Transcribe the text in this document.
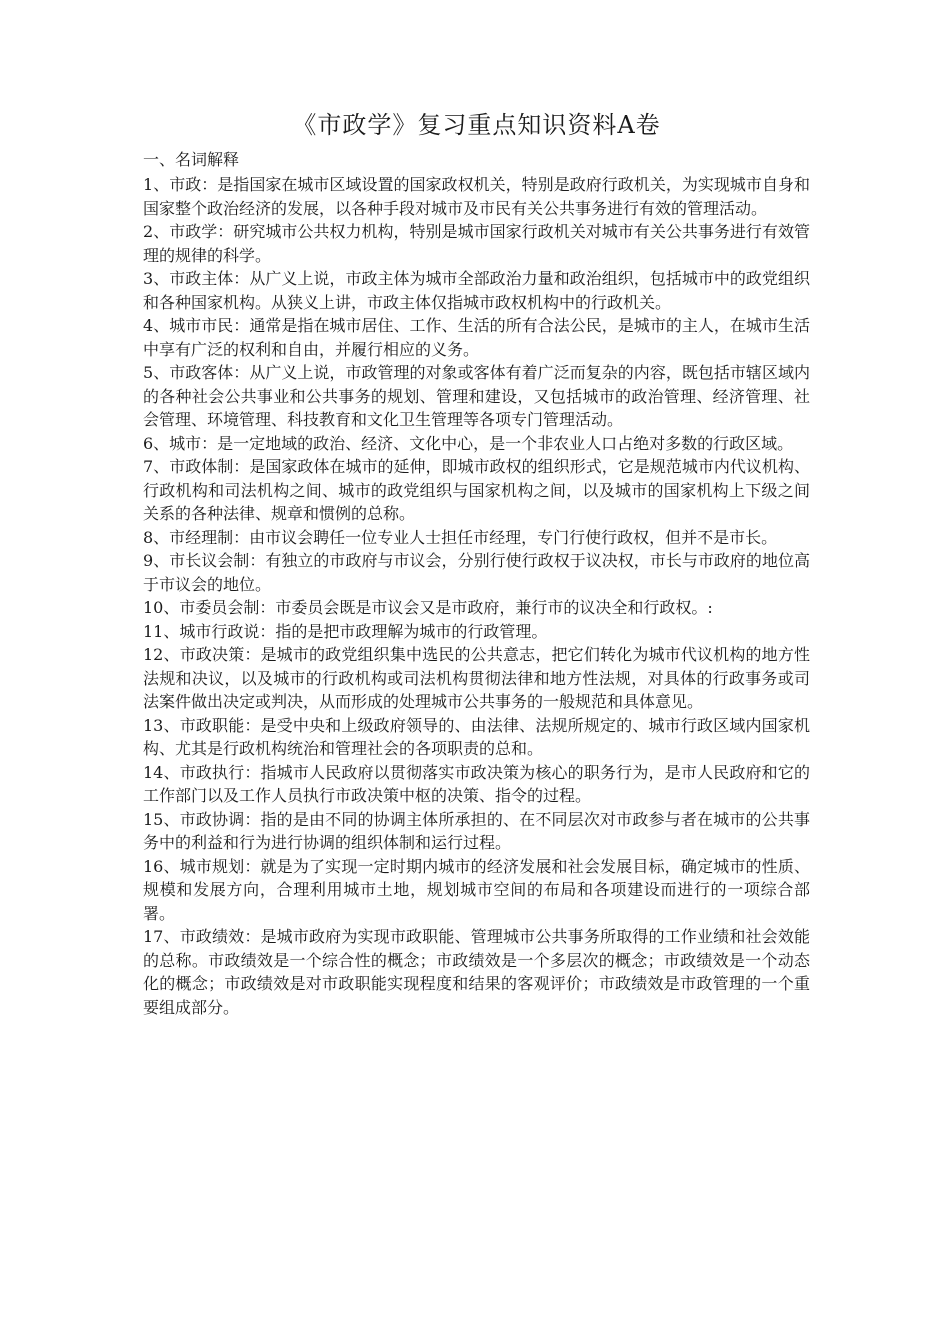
《市政学》复习重点知识资料A卷

一、名词解释

1、市政：是指国家在城市区域设置的国家政权机关，特别是政府行政机关，为实现城市自身和国家整个政治经济的发展，以各种手段对城市及市民有关公共事务进行有效的管理活动。

2、市政学：研究城市公共权力机构，特别是城市国家行政机关对城市有关公共事务进行有效管理的规律的科学。

3、市政主体：从广义上说，市政主体为城市全部政治力量和政治组织，包括城市中的政党组织和各种国家机构。从狭义上讲，市政主体仅指城市政权机构中的行政机关。

4、城市市民：通常是指在城市居住、工作、生活的所有合法公民，是城市的主人，在城市生活中享有广泛的权利和自由，并履行相应的义务。

5、市政客体：从广义上说，市政管理的对象或客体有着广泛而复杂的内容，既包括市辖区域内的各种社会公共事业和公共事务的规划、管理和建设，又包括城市的政治管理、经济管理、社会管理、环境管理、科技教育和文化卫生管理等各项专门管理活动。

6、城市：是一定地域的政治、经济、文化中心，是一个非农业人口占绝对多数的行政区域。

7、市政体制：是国家政体在城市的延伸，即城市政权的组织形式，它是规范城市内代议机构、行政机构和司法机构之间、城市的政党组织与国家机构之间，以及城市的国家机构上下级之间关系的各种法律、规章和惯例的总称。

8、市经理制：由市议会聘任一位专业人士担任市经理，专门行使行政权，但并不是市长。

9、市长议会制：有独立的市政府与市议会，分别行使行政权于议决权，市长与市政府的地位高于市议会的地位。

10、市委员会制：市委员会既是市议会又是市政府，兼行市的议决全和行政权。:

11、城市行政说：指的是把市政理解为城市的行政管理。

12、市政决策：是城市的政党组织集中选民的公共意志，把它们转化为城市代议机构的地方性法规和决议，以及城市的行政机构或司法机构贯彻法律和地方性法规，对具体的行政事务或司法案件做出决定或判决，从而形成的处理城市公共事务的一般规范和具体意见。

13、市政职能：是受中央和上级政府领导的、由法律、法规所规定的、城市行政区域内国家机构、尤其是行政机构统治和管理社会的各项职责的总和。

14、市政执行：指城市人民政府以贯彻落实市政决策为核心的职务行为，是市人民政府和它的工作部门以及工作人员执行市政决策中枢的决策、指令的过程。

15、市政协调：指的是由不同的协调主体所承担的、在不同层次对市政参与者在城市的公共事务中的利益和行为进行协调的组织体制和运行过程。

16、城市规划：就是为了实现一定时期内城市的经济发展和社会发展目标，确定城市的性质、规模和发展方向，合理利用城市土地，规划城市空间的布局和各项建设而进行的一项综合部署。

17、市政绩效：是城市政府为实现市政职能、管理城市公共事务所取得的工作业绩和社会效能的总称。市政绩效是一个综合性的概念；市政绩效是一个多层次的概念；市政绩效是一个动态化的概念；市政绩效是对市政职能实现程度和结果的客观评价；市政绩效是市政管理的一个重要组成部分。
